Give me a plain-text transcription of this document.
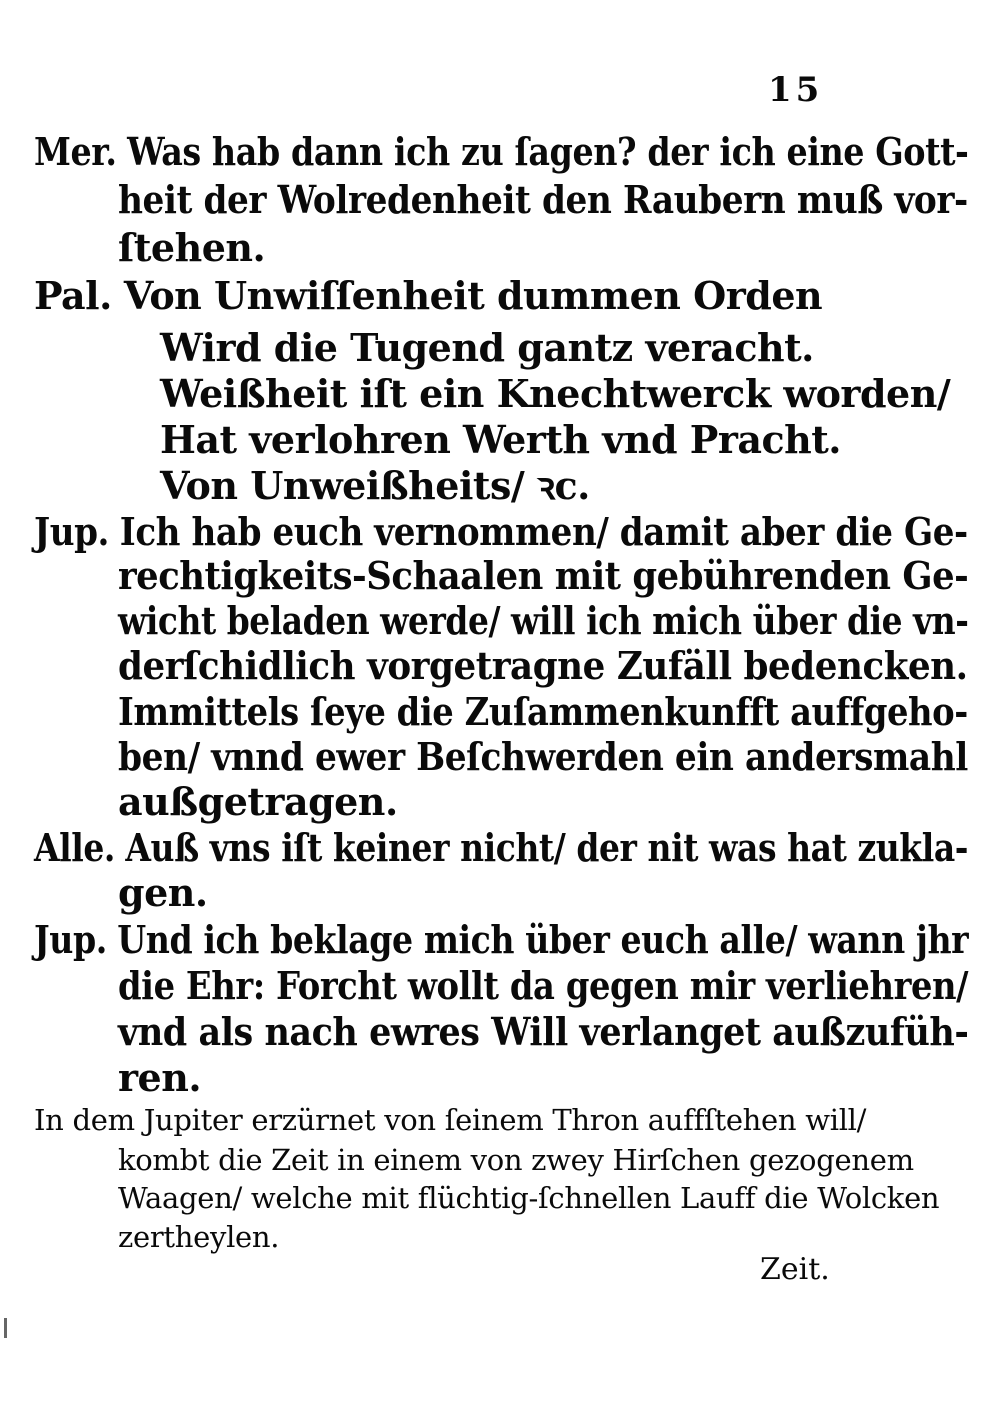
15
Mer. Was hab dann ich zu ſagen? der ich eine Gott-
heit der Wolredenheit den Raubern muß vor-
ſtehen.
Pal. Von Unwiſſenheit dummen Orden
Wird die Tugend gantz veracht.
Weißheit iſt ein Knechtwerck worden/
Hat verlohren Werth vnd Pracht.
Von Unweißheits/ ꝛc.
Jup. Ich hab euch vernommen/ damit aber die Ge-
rechtigkeits-Schaalen mit gebührenden Ge-
wicht beladen werde/ will ich mich über die vn-
derſchidlich vorgetragne Zufäll bedencken.
Immittels ſeye die Zuſammenkunfft auffgeho-
ben/ vnnd ewer Beſchwerden ein andersmahl
außgetragen.
Alle. Auß vns iſt keiner nicht/ der nit was hat zukla-
gen.
Jup. Und ich beklage mich über euch alle/ wann jhr
die Ehr: Forcht wollt da gegen mir verliehren/
vnd als nach ewres Will verlanget außzufüh-
ren.
In dem Jupiter erzürnet von ſeinem Thron auffſtehen will/
kombt die Zeit in einem von zwey Hirſchen gezogenem
Waagen/ welche mit flüchtig-ſchnellen Lauff die Wolcken
zertheylen.
Zeit.
